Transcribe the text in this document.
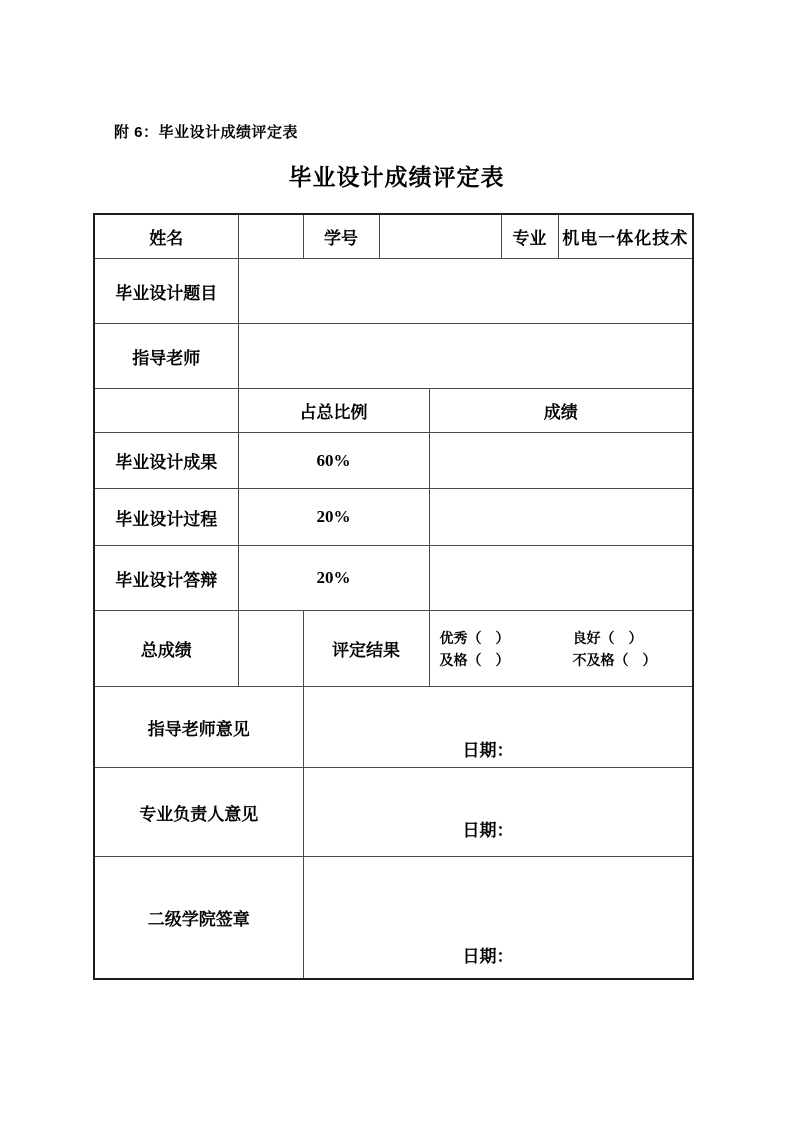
附 6：毕业设计成绩评定表
毕业设计成绩评定表
姓名		学号			专业	机电一体化技术
毕业设计题目						
指导老师						
	占总比例			成绩		
毕业设计成果	60%					
毕业设计过程	20%					
毕业设计答辩	20%					
总成绩		评定结果		优秀（　） 良好（　）
及格（　） 不及格（　）		

指导老师意见		日期：				

专业负责人意见		日期：				

二级学院签章		日期：				
